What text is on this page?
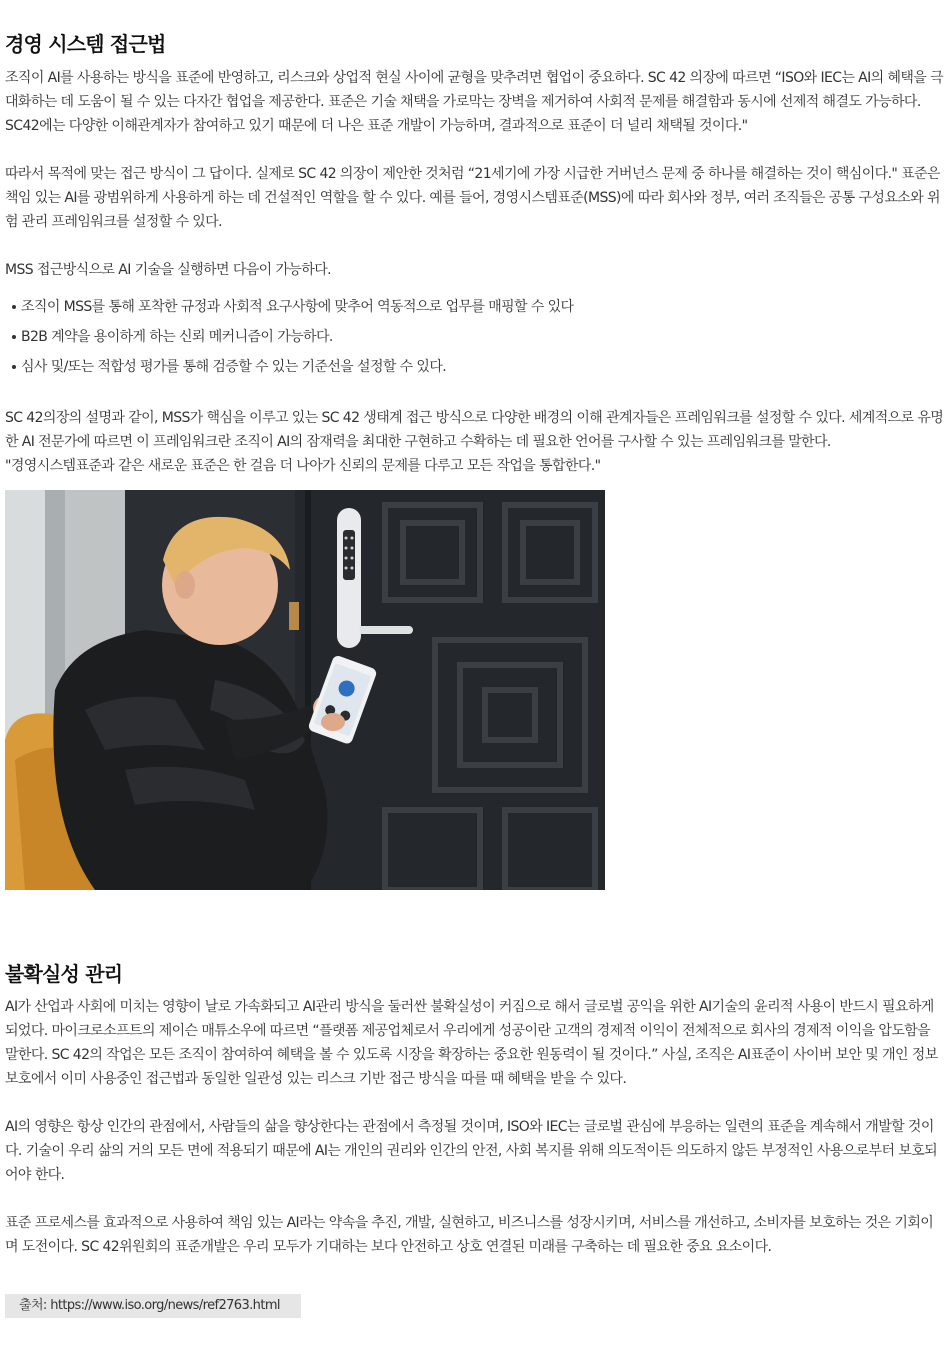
경영 시스템 접근법

조직이 AI를 사용하는 방식을 표준에 반영하고, 리스크와 상업적 현실 사이에 균형을 맞추려면 협업이 중요하다. SC 42 의장에 따르면 “ISO와 IEC는 AI의 혜택을 극대화하는 데 도움이 될 수 있는 다자간 협업을 제공한다. 표준은 기술 채택을 가로막는 장벽을 제거하여 사회적 문제를 해결함과 동시에 선제적 해결도 가능하다. SC42에는 다양한 이해관계자가 참여하고 있기 때문에 더 나은 표준 개발이 가능하며, 결과적으로 표준이 더 널리 채택될 것이다."

따라서 목적에 맞는 접근 방식이 그 답이다. 실제로 SC 42 의장이 제안한 것처럼 “21세기에 가장 시급한 거버넌스 문제 중 하나를 해결하는 것이 핵심이다." 표준은 책임 있는 AI를 광범위하게 사용하게 하는 데 건설적인 역할을 할 수 있다. 예를 들어, 경영시스템표준(MSS)에 따라 회사와 정부, 여러 조직들은 공통 구성요소와 위험 관리 프레임워크를 설정할 수 있다.

MSS 접근방식으로 AI 기술을 실행하면 다음이 가능하다.

조직이 MSS를 통해 포착한 규정과 사회적 요구사항에 맞추어 역동적으로 업무를 매핑할 수 있다
B2B 계약을 용이하게 하는 신뢰 메커니즘이 가능하다.
심사 및/또는 적합성 평가를 통해 검증할 수 있는 기준선을 설정할 수 있다.

SC 42의장의 설명과 같이, MSS가 핵심을 이루고 있는 SC 42 생태계 접근 방식으로 다양한 배경의 이해 관계자들은 프레임워크를 설정할 수 있다. 세계적으로 유명한 AI 전문가에 따르면 이 프레임워크란 조직이 AI의 잠재력을 최대한 구현하고 수확하는 데 필요한 언어를 구사할 수 있는 프레임워크를 말한다.

"경영시스템표준과 같은 새로운 표준은 한 걸음 더 나아가 신뢰의 문제를 다루고 모든 작업을 통합한다."

불확실성 관리

AI가 산업과 사회에 미치는 영향이 날로 가속화되고 AI관리 방식을 둘러싼 불확실성이 커짐으로 해서 글로벌 공익을 위한 AI기술의 윤리적 사용이 반드시 필요하게 되었다. 마이크로소프트의 제이슨 매튜소우에 따르면 “플랫폼 제공업체로서 우리에게 성공이란 고객의 경제적 이익이 전체적으로 회사의 경제적 이익을 압도함을 말한다. SC 42의 작업은 모든 조직이 참여하여 혜택을 볼 수 있도록 시장을 확장하는 중요한 원동력이 될 것이다.” 사실, 조직은 AI표준이 사이버 보안 및 개인 정보 보호에서 이미 사용중인 접근법과 동일한 일관성 있는 리스크 기반 접근 방식을 따를 때 혜택을 받을 수 있다.

AI의 영향은 항상 인간의 관점에서, 사람들의 삶을 향상한다는 관점에서 측정될 것이며, ISO와 IEC는 글로벌 관심에 부응하는 일련의 표준을 계속해서 개발할 것이다. 기술이 우리 삶의 거의 모든 면에 적용되기 때문에 AI는 개인의 권리와 인간의 안전, 사회 복지를 위해 의도적이든 의도하지 않든 부정적인 사용으로부터 보호되어야 한다.

표준 프로세스를 효과적으로 사용하여 책임 있는 AI라는 약속을 추진, 개발, 실현하고, 비즈니스를 성장시키며, 서비스를 개선하고, 소비자를 보호하는 것은 기회이며 도전이다. SC 42위원회의 표준개발은 우리 모두가 기대하는 보다 안전하고 상호 연결된 미래를 구축하는 데 필요한 중요 요소이다.

출처: https://www.iso.org/news/ref2763.html
